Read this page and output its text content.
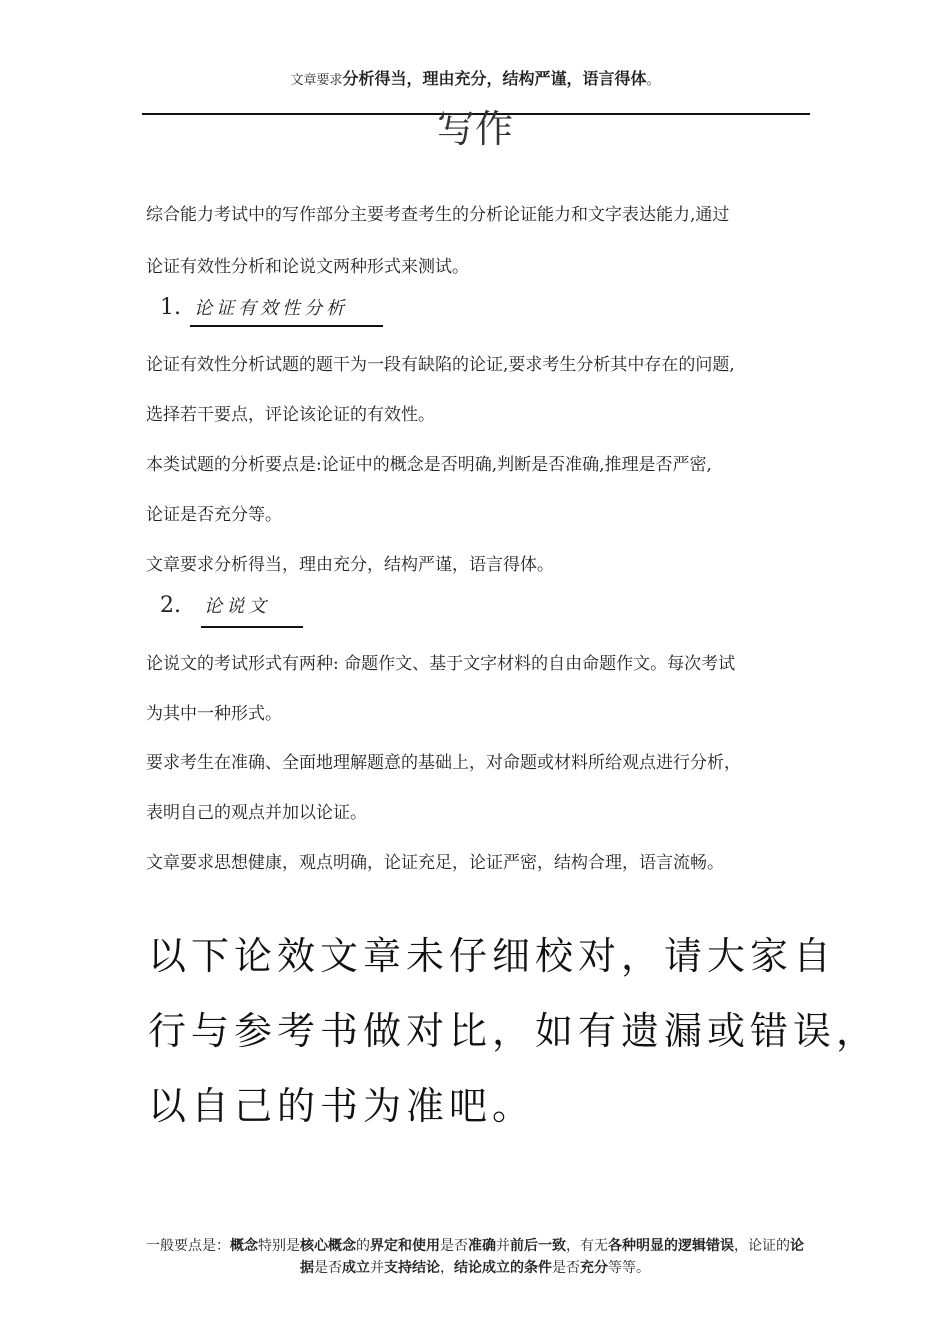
文章要求分析得当，理由充分，结构严谨，语言得体。
写作
综合能力考试中的写作部分主要考查考生的分析论证能力和文字表达能力,通过
论证有效性分析和论说文两种形式来测试。
1. 论证有效性分析
论证有效性分析试题的题干为一段有缺陷的论证,要求考生分析其中存在的问题,
选择若干要点，评论该论证的有效性。
本类试题的分析要点是:论证中的概念是否明确,判断是否准确,推理是否严密,
论证是否充分等。
文章要求分析得当，理由充分，结构严谨，语言得体。
2. 论说文
论说文的考试形式有两种: 命题作文、基于文字材料的自由命题作文。每次考试
为其中一种形式。
要求考生在准确、全面地理解题意的基础上，对命题或材料所给观点进行分析，
表明自己的观点并加以论证。
文章要求思想健康，观点明确，论证充足，论证严密，结构合理，语言流畅。
以下论效文章未仔细校对，请大家自
行与参考书做对比，如有遗漏或错误，
以自己的书为准吧。
一般要点是：概念特别是核心概念的界定和使用是否准确并前后一致，有无各种明显的逻辑错误，论证的论据是否成立并支持结论，结论成立的条件是否充分等等。
